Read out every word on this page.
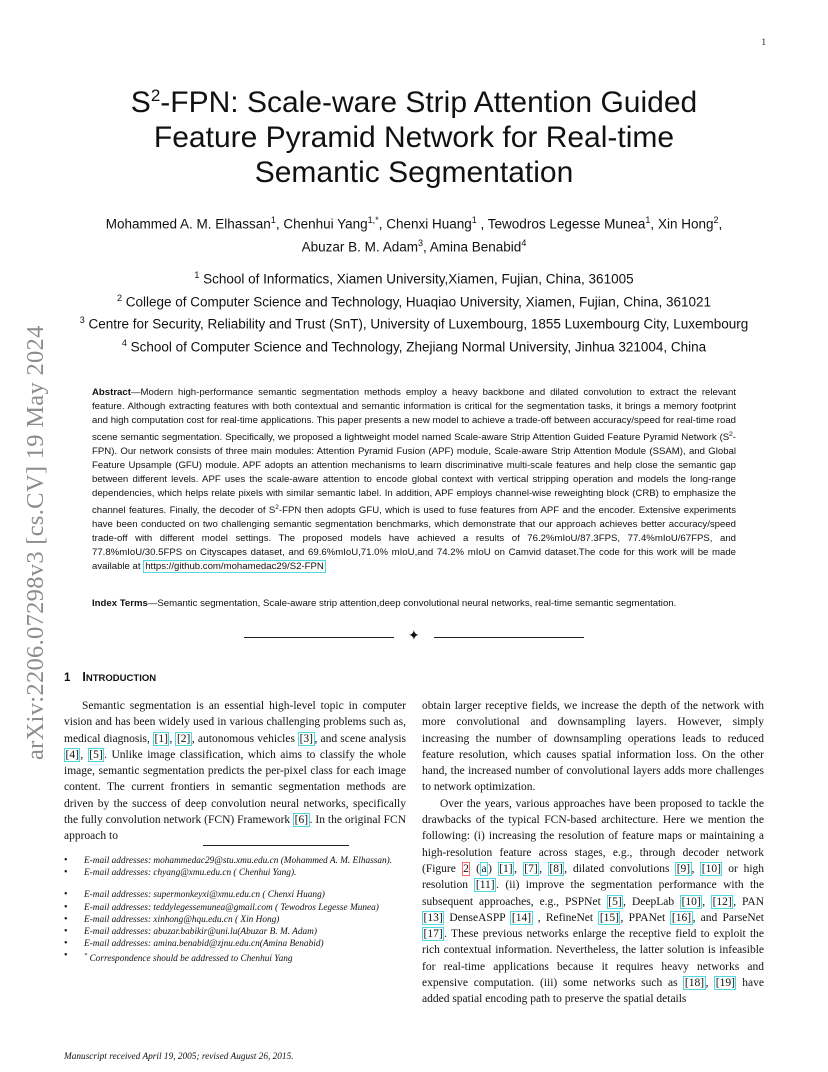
1
arXiv:2206.07298v3 [cs.CV] 19 May 2024
$S^2$-FPN: Scale-ware Strip Attention Guided
Feature Pyramid Network for Real-time
Semantic Segmentation
Mohammed A. M. Elhassan$^1$, Chenhui Yang$^{1,*}$, Chenxi Huang$^1$ , Tewodros Legesse Munea$^1$, Xin Hong$^2$,
Abuzar B. M. Adam$^3$, Amina Benabid$^4$
$^1$ School of Informatics, Xiamen University,Xiamen, Fujian, China, 361005
$^2$ College of Computer Science and Technology, Huaqiao University, Xiamen, Fujian, China, 361021
$^3$ Centre for Security, Reliability and Trust (SnT), University of Luxembourg, 1855 Luxembourg City, Luxembourg
$^4$ School of Computer Science and Technology, Zhejiang Normal University, Jinhua 321004, China
Abstract—Modern high-performance semantic segmentation methods employ a heavy backbone and dilated convolution to extract the relevant feature. Although extracting features with both contextual and semantic information is critical for the segmentation tasks, it brings a memory footprint and high computation cost for real-time applications. This paper presents a new model to achieve a trade-off between accuracy/speed for real-time road scene semantic segmentation. Specifically, we proposed a lightweight model named Scale-aware Strip Attention Guided Feature Pyramid Network $(S^2-FPN)$. Our network consists of three main modules: Attention Pyramid Fusion (APF) module, Scale-aware Strip Attention Module (SSAM), and Global Feature Upsample (GFU) module. APF adopts an attention mechanisms to learn discriminative multi-scale features and help close the semantic gap between different levels. APF uses the scale-aware attention to encode global context with vertical stripping operation and models the long-range dependencies, which helps relate pixels with similar semantic label. In addition, APF employs channel-wise reweighting block (CRB) to emphasize the channel features. Finally, the decoder of $S^2$-FPN then adopts GFU, which is used to fuse features from APF and the encoder. Extensive experiments have been conducted on two challenging semantic segmentation benchmarks, which demonstrate that our approach achieves better accuracy/speed trade-off with different model settings. The proposed models have achieved a results of 76.2%mIoU/87.3FPS, 77.4%mIoU/67FPS, and 77.8%mIoU/30.5FPS on Cityscapes dataset, and 69.6%mIoU,71.0% mIoU,and 74.2% mIoU on Camvid dataset.The code for this work will be made available at https://github.com/mohamedac29/S2-FPN
Index Terms—Semantic segmentation, Scale-aware strip attention,deep convolutional neural networks, real-time semantic segmentation.
✦
1 INTRODUCTION

Semantic segmentation is an essential high-level topic in computer vision and has been widely used in various challenging problems such as, medical diagnosis, [1] , [2] , autonomous vehicles [3] , and scene analysis [4] , [5] . Unlike image classification, which aims to classify the whole image, semantic segmentation predicts the per-pixel class for each image content. The current frontiers in semantic segmentation methods are driven by the success of deep convolution neural networks, specifically the fully convolution network (FCN) Framework [6] . In the original FCN approach to

• E-mail addresses: mohammedac29@stu.xmu.edu.cn (Mohammed A. M. Elhassan).
• E-mail addresses: chyang@xmu.edu.cn ( Chenhui Yang).
• E-mail addresses: supermonkeyxi@xmu.edu.cn ( Chenxi Huang)
• E-mail addresses: teddylegessemunea@gmail.com ( Tewodros Legesse Munea)
• E-mail addresses: xinhong@hqu.edu.cn ( Xin Hong)
• E-mail addresses: abuzar.babikir@uni.lu(Abuzar B. M. Adam)
• E-mail addresses: amina.benabid@zjnu.edu.cn(Amina Benabid)
• * Correspondence should be addressed to Chenhui Yang
Manuscript received April 19, 2005; revised August 26, 2015.

obtain larger receptive fields, we increase the depth of the network with more convolutional and downsampling layers. However, simply increasing the number of downsampling operations leads to reduced feature resolution, which causes spatial information loss. On the other hand, the increased number of convolutional layers adds more challenges to network optimization.

Over the years, various approaches have been proposed to tackle the drawbacks of the typical FCN-based architecture. Here we mention the following: (i) increasing the resolution of feature maps or maintaining a high-resolution feature across stages, e.g., through decoder network (Figure 2 ( a ) [1] , [7] , [8] , dilated convolutions [9] , [10] or high resolution [11] . (ii) improve the segmentation performance with the subsequent approaches, e.g., PSPNet [5] , DeepLab [10] , [12] , PAN [13] DenseASPP [14] , RefineNet [15] , PPANet [16] , and ParseNet [17] . These previous networks enlarge the receptive field to exploit the rich contextual information. Nevertheless, the latter solution is infeasible for real-time applications because it requires heavy networks and expensive computation. (iii) some networks such as [18] , [19] have added spatial encoding path to preserve the spatial details
